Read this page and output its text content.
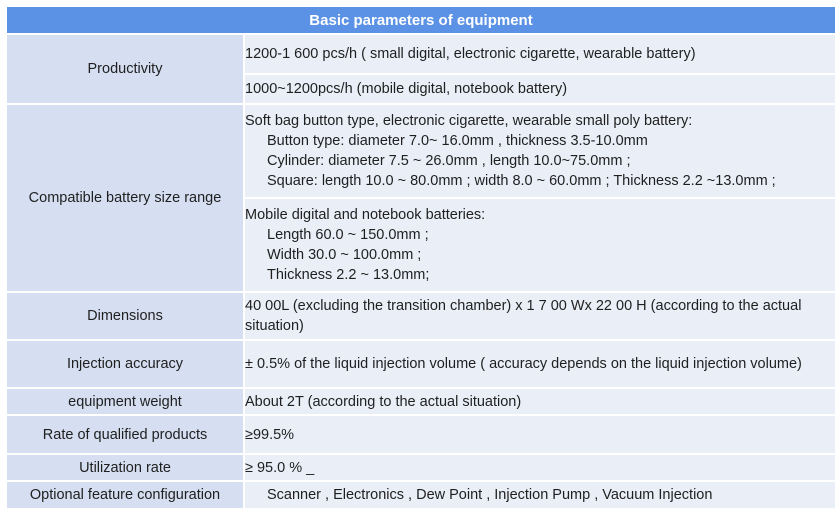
Basic parameters of equipment	
Productivity	1200-1 600 pcs/h ( small digital, electronic cigarette, wearable battery)
	1000~1200pcs/h (mobile digital, notebook battery)
Compatible battery size range	Soft bag button type, electronic cigarette, wearable small poly battery:
Button type: diameter 7.0~ 16.0mm , thickness 3.5-10.0mm
Cylinder: diameter 7.5 ~ 26.0mm , length 10.0~75.0mm ;
Square: length 10.0 ~ 80.0mm ; width 8.0 ~ 60.0mm ; Thickness 2.2 ~13.0mm ;

	Mobile digital and notebook batteries:
Length 60.0 ~ 150.0mm ;
Width 30.0 ~ 100.0mm ;
Thickness 2.2 ~ 13.0mm;

Dimensions	40 00L (excluding the transition chamber) x 1 7 00 Wx 22 00 H (according to the actual situation)
Injection accuracy	± 0.5% of the liquid injection volume ( accuracy depends on the liquid injection volume)
equipment weight	About 2T (according to the actual situation)
Rate of qualified products	≥99.5%
Utilization rate	≥ 95.0 % _
Optional feature configuration	Scanner , Electronics , Dew Point , Injection Pump , Vacuum Injection
